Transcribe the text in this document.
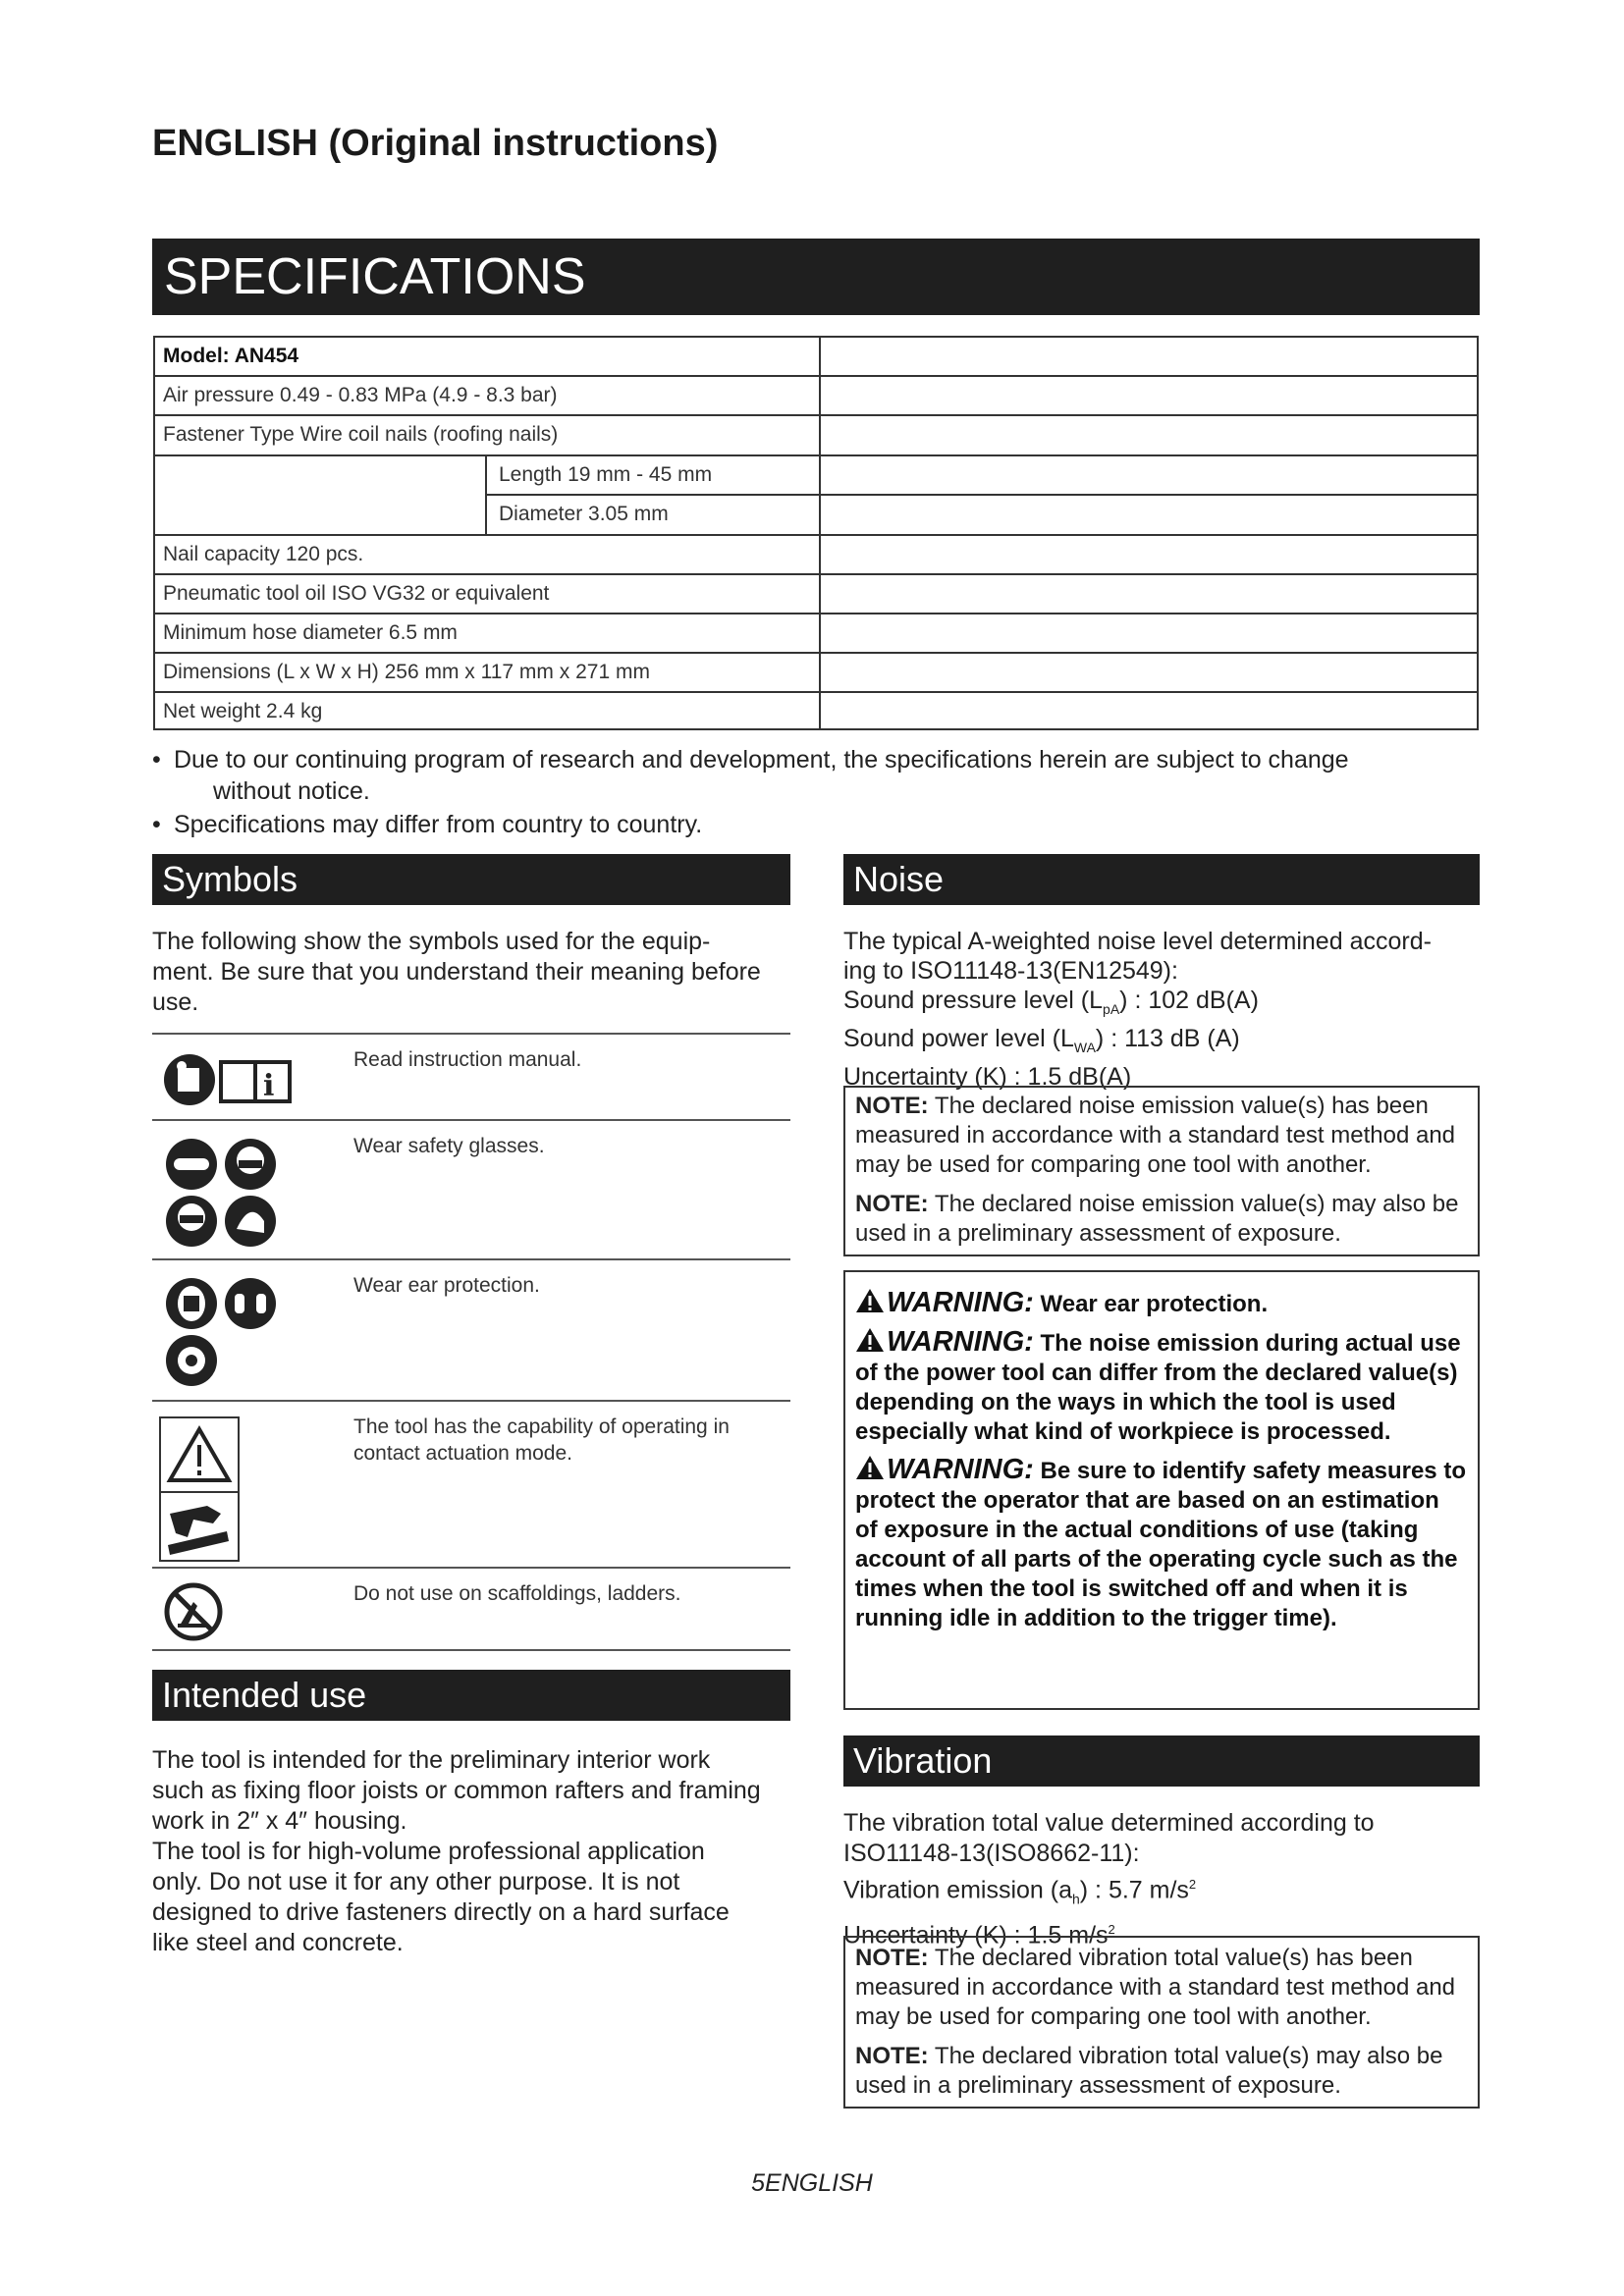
ENGLISH (Original instructions)
SPECIFICATIONS
Model: AN454
Air pressure 0.49 - 0.83 MPa (4.9 - 8.3 bar)
Fastener Type Wire coil nails (roofing nails)
Length 19 mm - 45 mm
Diameter 3.05 mm
Nail capacity 120 pcs.
Pneumatic tool oil ISO VG32 or equivalent
Minimum hose diameter 6.5 mm
Dimensions (L x W x H) 256 mm x 117 mm x 271 mm
Net weight 2.4 kg
• Due to our continuing program of research and development, the specifications herein are subject to change
without notice.
• Specifications may differ from country to country.
Symbols
The following show the symbols used for the equip-
ment. Be sure that you understand their meaning before
use.
i
Read instruction manual.
Wear safety glasses.
Wear ear protection.
The tool has the capability of operating in
contact actuation mode.
Do not use on scaffoldings, ladders.
Intended use
The tool is intended for the preliminary interior work
such as fixing floor joists or common rafters and framing
work in 2″ x 4″ housing.
The tool is for high-volume professional application
only. Do not use it for any other purpose. It is not
designed to drive fasteners directly on a hard surface
like steel and concrete.
Noise
The typical A-weighted noise level determined accord-
ing to ISO11148-13(EN12549):
Sound pressure level $(L_{pA})$ : 102 dB(A)
Sound power level $(L_{WA})$ : 113 dB (A)
Uncertainty (K) : 1.5 dB(A)

NOTE: The declared noise emission value(s) has been measured in accordance with a standard test method and may be used for comparing one tool with another.

NOTE: The declared noise emission value(s) may also be used in a preliminary assessment of exposure.

WARNING: Wear ear protection.

WARNING: The noise emission during actual use of the power tool can differ from the declared value(s) depending on the ways in which the tool is used especially what kind of workpiece is processed.

WARNING: Be sure to identify safety measures to protect the operator that are based on an estimation of exposure in the actual conditions of use (taking account of all parts of the operating cycle such as the times when the tool is switched off and when it is running idle in addition to the trigger time).

Vibration
The vibration total value determined according to
ISO11148-13(ISO8662-11):
Vibration emission $(a_h)$ : 5.7 $m/s^2$
Uncertainty (K) : 1.5 $m/s^2$

NOTE: The declared vibration total value(s) has been measured in accordance with a standard test method and may be used for comparing one tool with another.

NOTE: The declared vibration total value(s) may also be used in a preliminary assessment of exposure.

5ENGLISH
